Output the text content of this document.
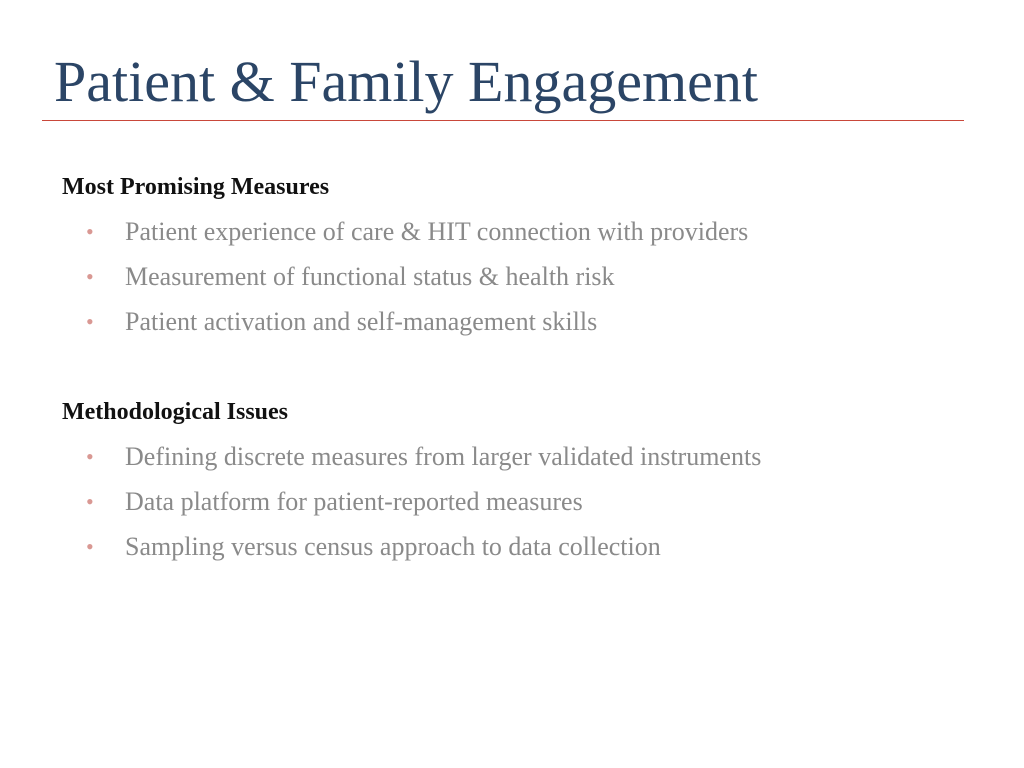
Patient & Family Engagement
Most Promising Measures
• Patient experience of care & HIT connection with providers
• Measurement of functional status & health risk
• Patient activation and self-management skills
Methodological Issues
• Defining discrete measures from larger validated instruments
• Data platform for patient-reported measures
• Sampling versus census approach to data collection
